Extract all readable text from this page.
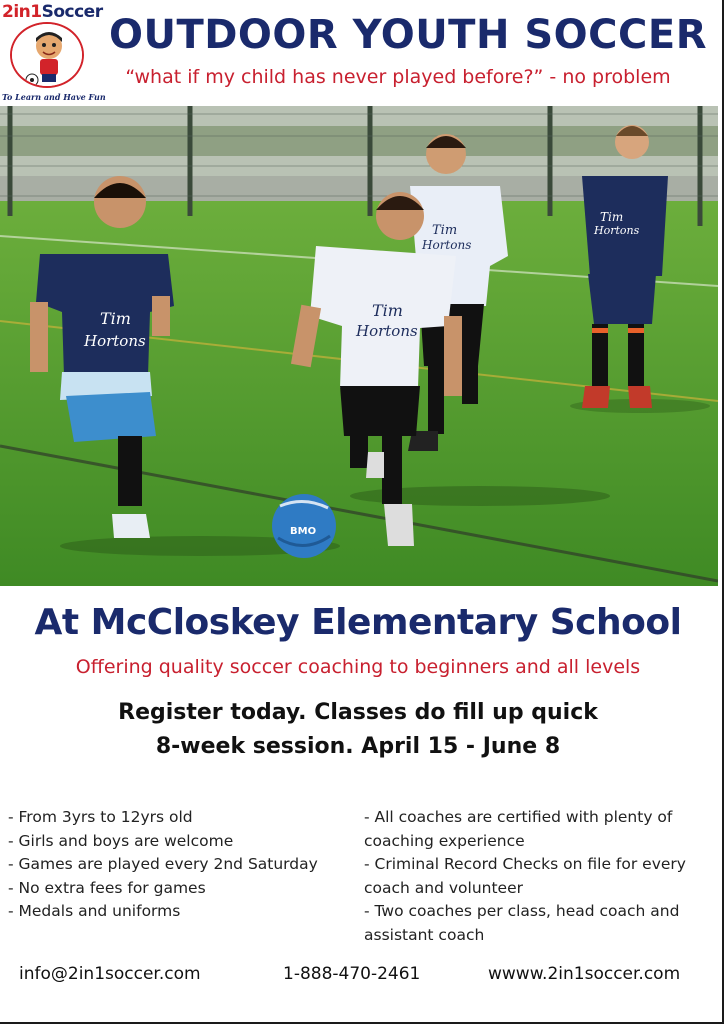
2in1Soccer
To Learn and Have Fun
OUTDOOR YOUTH SOCCER
“what if my child has never played before?” - no problem
Tim
Hortons
Tim
Hortons
Tim
Hortons
BMO
Tim
Hortons
At McCloskey Elementary School
Offering quality soccer coaching to beginners and all levels
Register today. Classes do fill up quick
8-week session. April 15 - June 8
- From 3yrs to 12yrs old
- Girls and boys are welcome
- Games are played every 2nd Saturday
- No extra fees for games
- Medals and uniforms
- All coaches are certified with plenty of coaching experience
- Criminal Record Checks on file for every coach and volunteer
- Two coaches per class, head coach and assistant coach
info@2in1soccer.com	1-888-470-2461	wwww.2in1soccer.com
